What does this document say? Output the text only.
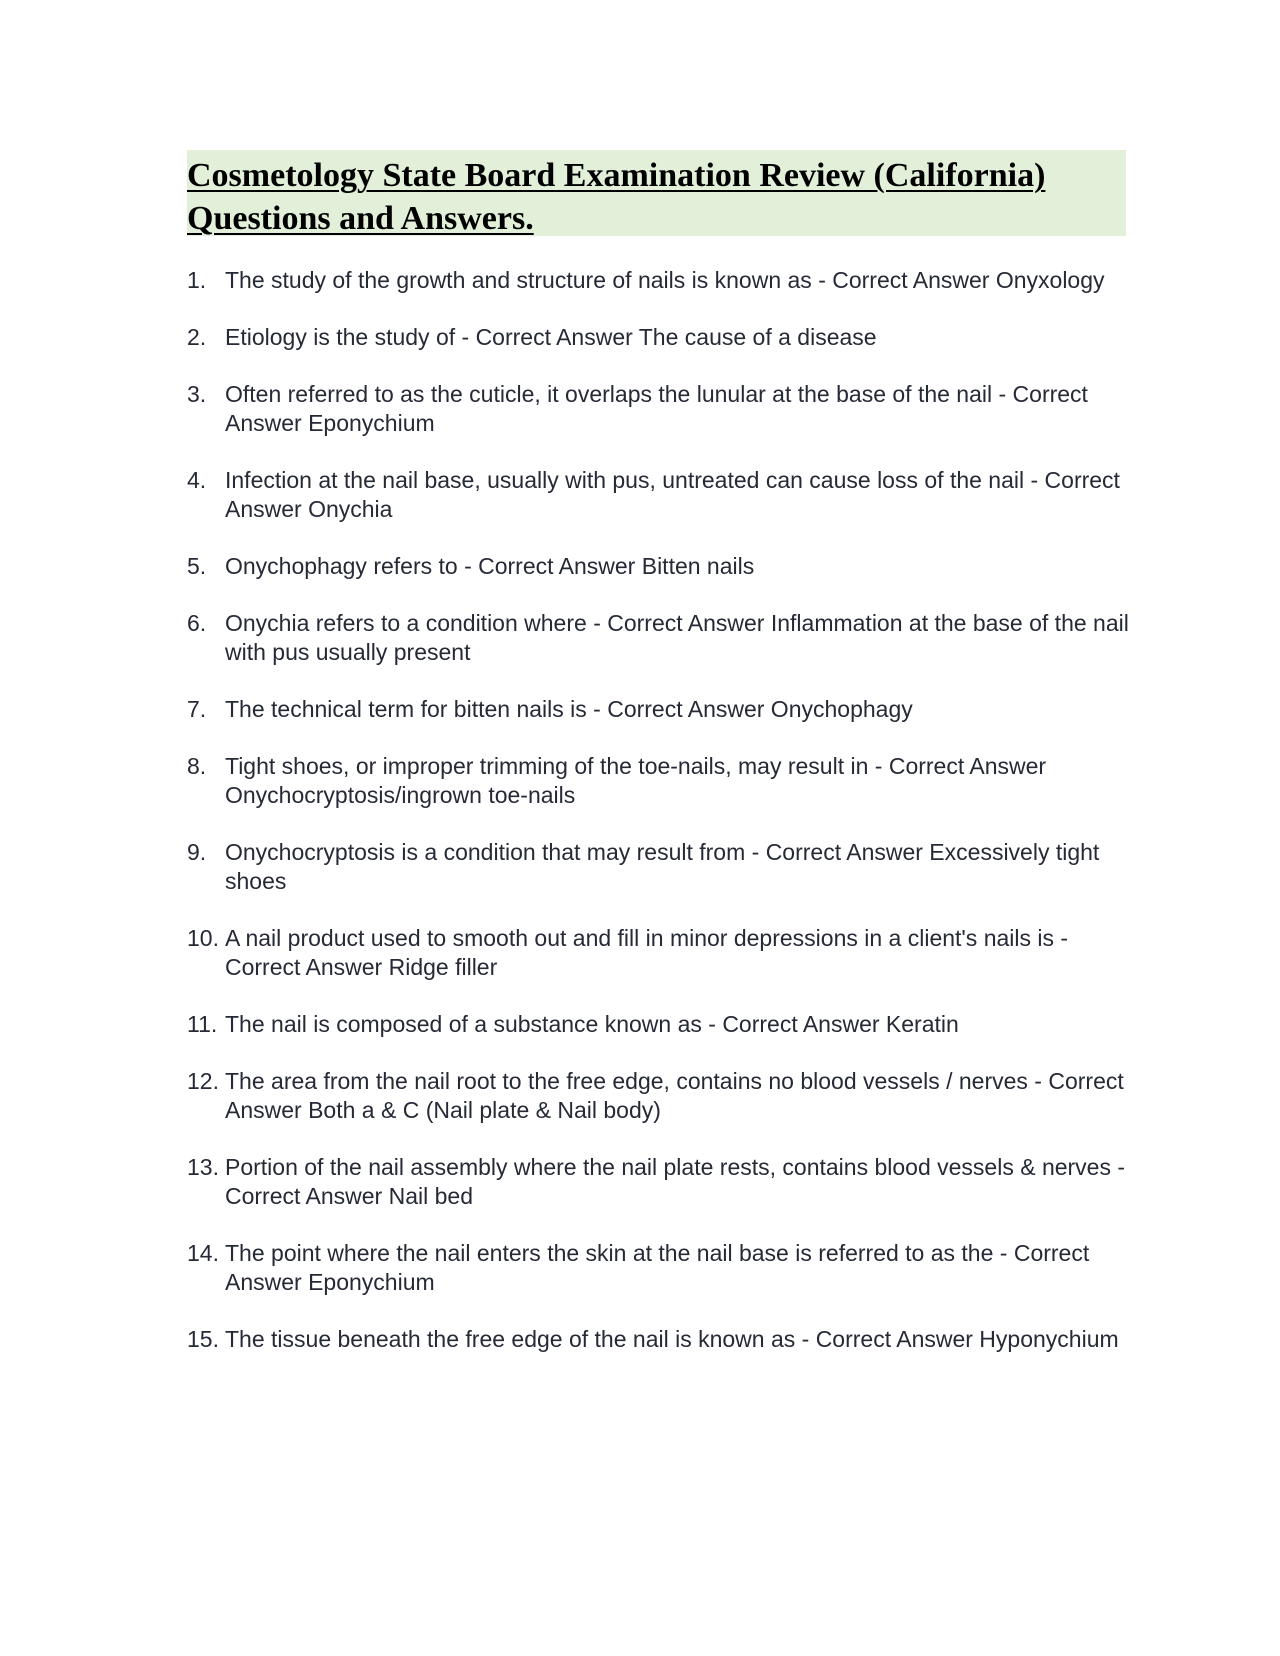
Cosmetology State Board Examination Review (California) Questions and Answers.
1. The study of the growth and structure of nails is known as - Correct Answer Onyxology
2. Etiology is the study of - Correct Answer The cause of a disease
3. Often referred to as the cuticle, it overlaps the lunular at the base of the nail - Correct Answer Eponychium
4. Infection at the nail base, usually with pus, untreated can cause loss of the nail - Correct Answer Onychia
5. Onychophagy refers to - Correct Answer Bitten nails
6. Onychia refers to a condition where - Correct Answer Inflammation at the base of the nail with pus usually present
7. The technical term for bitten nails is - Correct Answer Onychophagy
8. Tight shoes, or improper trimming of the toe-nails, may result in - Correct Answer Onychocryptosis/ingrown toe-nails
9. Onychocryptosis is a condition that may result from - Correct Answer Excessively tight shoes
10. A nail product used to smooth out and fill in minor depressions in a client's nails is - Correct Answer Ridge filler
11. The nail is composed of a substance known as - Correct Answer Keratin
12. The area from the nail root to the free edge, contains no blood vessels / nerves - Correct Answer Both a & C (Nail plate & Nail body)
13. Portion of the nail assembly where the nail plate rests, contains blood vessels & nerves - Correct Answer Nail bed
14. The point where the nail enters the skin at the nail base is referred to as the - Correct Answer Eponychium
15. The tissue beneath the free edge of the nail is known as - Correct Answer Hyponychium
